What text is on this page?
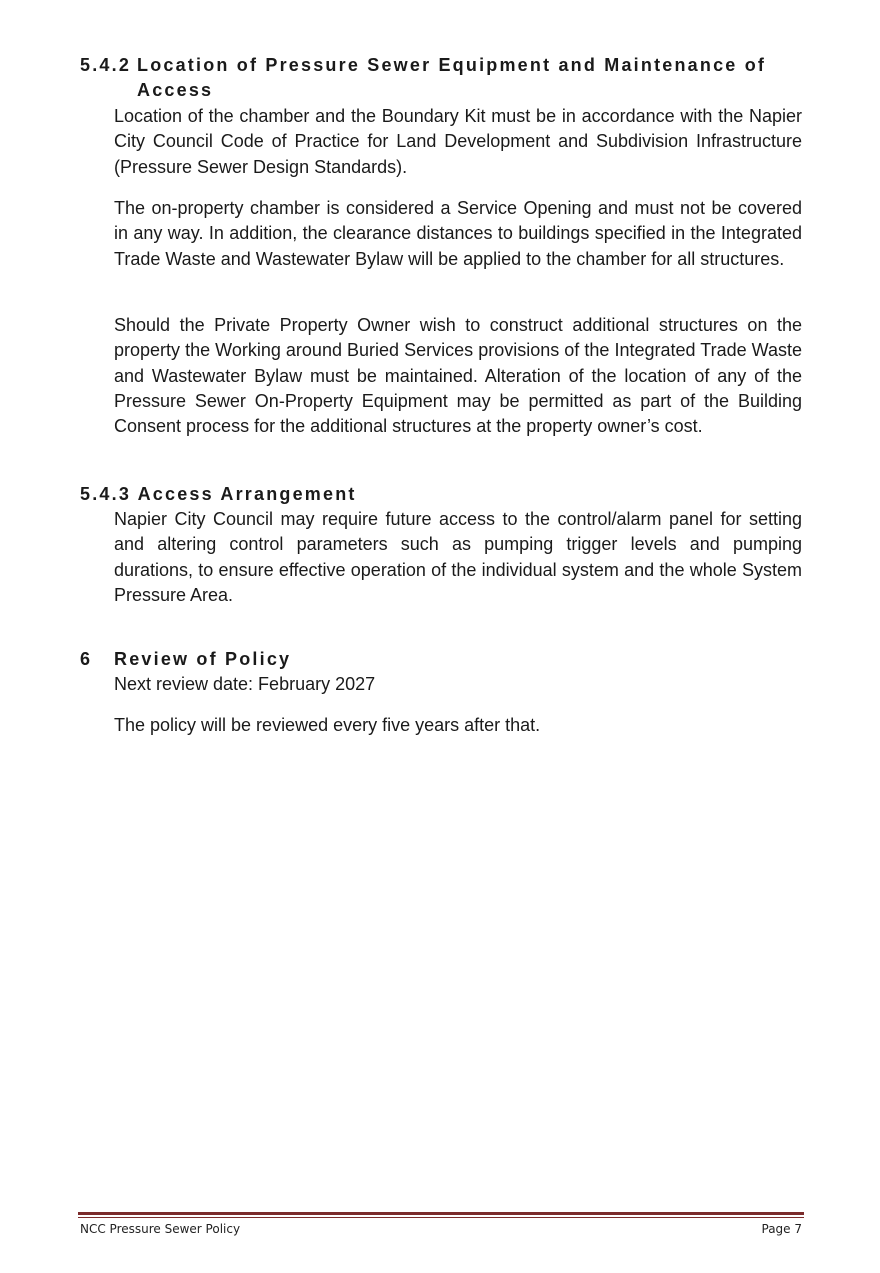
5.4.2 Location of Pressure Sewer Equipment and Maintenance of
Access

Location of the chamber and the Boundary Kit must be in accordance with the Napier City Council Code of Practice for Land Development and Subdivision Infrastructure (Pressure Sewer Design Standards).

The on-property chamber is considered a Service Opening and must not be covered in any way. In addition, the clearance distances to buildings specified in the Integrated Trade Waste and Wastewater Bylaw will be applied to the chamber for all structures.

Should the Private Property Owner wish to construct additional structures on the property the Working around Buried Services provisions of the Integrated Trade Waste and Wastewater Bylaw must be maintained. Alteration of the location of any of the Pressure Sewer On-Property Equipment may be permitted as part of the Building Consent process for the additional structures at the property owner’s cost.

5.4.3 Access Arrangement

Napier City Council may require future access to the control/alarm panel for setting and altering control parameters such as pumping trigger levels and pumping durations, to ensure effective operation of the individual system and the whole System Pressure Area.

6 Review of Policy

Next review date: February 2027

The policy will be reviewed every five years after that.

NCC Pressure Sewer Policy	Page 7
